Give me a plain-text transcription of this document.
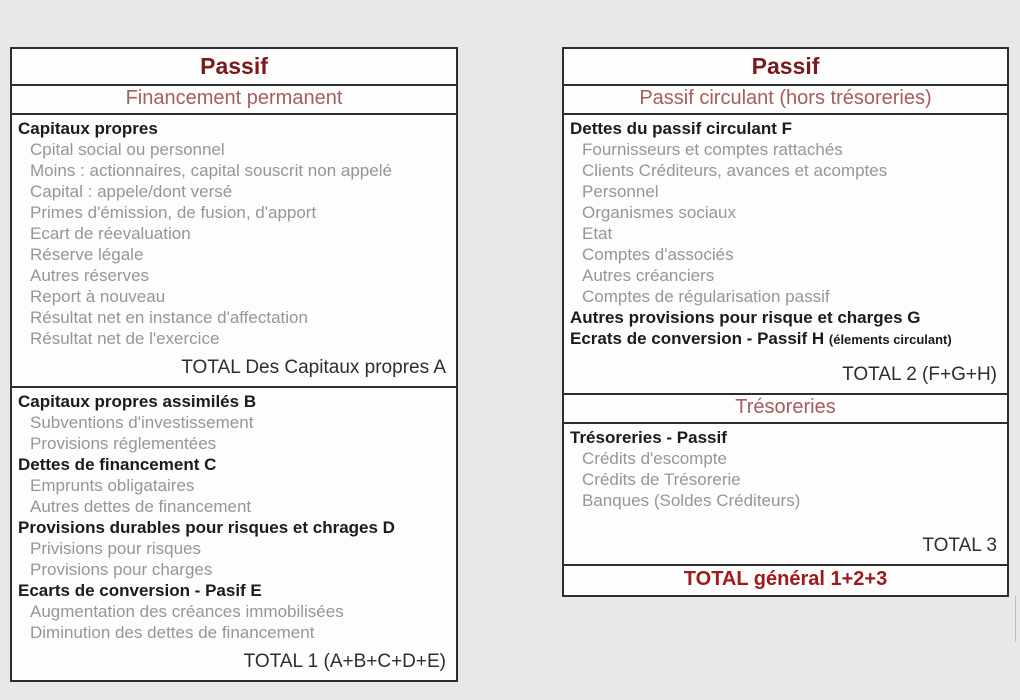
Passif
Financement permanent
Capitaux propres
Cpital social ou personnel
Moins : actionnaires, capital souscrit non appelé
Capital : appele/dont versé
Primes d'émission, de fusion, d'apport
Ecart de réevaluation
Réserve légale
Autres réserves
Report à nouveau
Résultat net en instance d'affectation
Résultat net de l'exercice
TOTAL Des Capitaux propres A
Capitaux propres assimilés B
Subventions d'investissement
Provisions réglementées
Dettes de financement C
Emprunts obligataires
Autres dettes de financement
Provisions durables pour risques et chrages D
Privisions pour risques
Provisions pour charges
Ecarts de conversion - Pasif E
Augmentation des créances immobilisées
Diminution des dettes de financement
TOTAL 1 (A+B+C+D+E)
Passif
Passif circulant (hors trésoreries)
Dettes du passif circulant F
Fournisseurs et comptes rattachés
Clients Créditeurs, avances et acomptes
Personnel
Organismes sociaux
Etat
Comptes d'associés
Autres créanciers
Comptes de régularisation passif
Autres provisions pour risque et charges G
Ecrats de conversion - Passif H (élements circulant)
TOTAL 2 (F+G+H)
Trésoreries
Trésoreries - Passif
Crédits d'escompte
Crédits de Trésorerie
Banques (Soldes Créditeurs)
TOTAL 3
TOTAL général 1+2+3
